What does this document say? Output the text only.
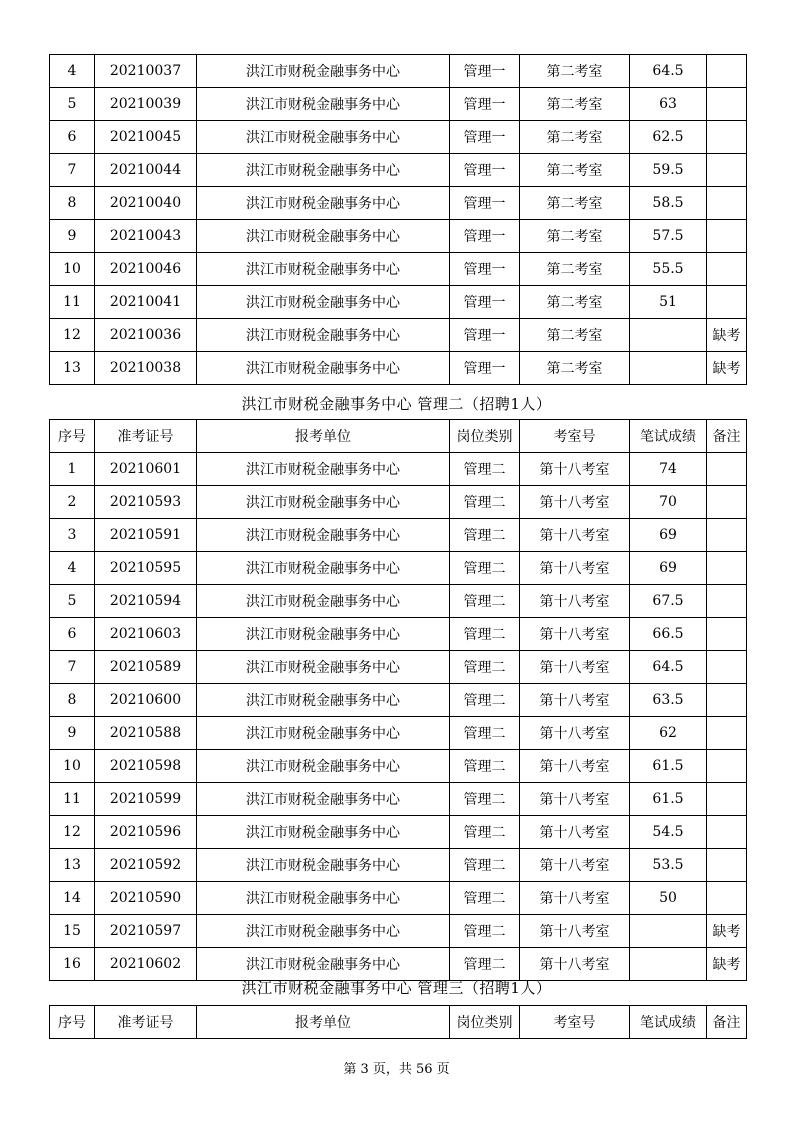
4	20210037	洪江市财税金融事务中心	管理一	第二考室	64.5	
5	20210039	洪江市财税金融事务中心	管理一	第二考室	63	
6	20210045	洪江市财税金融事务中心	管理一	第二考室	62.5	
7	20210044	洪江市财税金融事务中心	管理一	第二考室	59.5	
8	20210040	洪江市财税金融事务中心	管理一	第二考室	58.5	
9	20210043	洪江市财税金融事务中心	管理一	第二考室	57.5	
10	20210046	洪江市财税金融事务中心	管理一	第二考室	55.5	
11	20210041	洪江市财税金融事务中心	管理一	第二考室	51	
12	20210036	洪江市财税金融事务中心	管理一	第二考室		缺考
13	20210038	洪江市财税金融事务中心	管理一	第二考室		缺考
洪江市财税金融事务中心 管理二（招聘1人）
序号	准考证号	报考单位	岗位类别	考室号	笔试成绩	备注
1	20210601	洪江市财税金融事务中心	管理二	第十八考室	74	
2	20210593	洪江市财税金融事务中心	管理二	第十八考室	70	
3	20210591	洪江市财税金融事务中心	管理二	第十八考室	69	
4	20210595	洪江市财税金融事务中心	管理二	第十八考室	69	
5	20210594	洪江市财税金融事务中心	管理二	第十八考室	67.5	
6	20210603	洪江市财税金融事务中心	管理二	第十八考室	66.5	
7	20210589	洪江市财税金融事务中心	管理二	第十八考室	64.5	
8	20210600	洪江市财税金融事务中心	管理二	第十八考室	63.5	
9	20210588	洪江市财税金融事务中心	管理二	第十八考室	62	
10	20210598	洪江市财税金融事务中心	管理二	第十八考室	61.5	
11	20210599	洪江市财税金融事务中心	管理二	第十八考室	61.5	
12	20210596	洪江市财税金融事务中心	管理二	第十八考室	54.5	
13	20210592	洪江市财税金融事务中心	管理二	第十八考室	53.5	
14	20210590	洪江市财税金融事务中心	管理二	第十八考室	50	
15	20210597	洪江市财税金融事务中心	管理二	第十八考室		缺考
16	20210602	洪江市财税金融事务中心	管理二	第十八考室		缺考
洪江市财税金融事务中心 管理三（招聘1人）
序号	准考证号	报考单位	岗位类别	考室号	笔试成绩	备注
第 3 页，共 56 页
